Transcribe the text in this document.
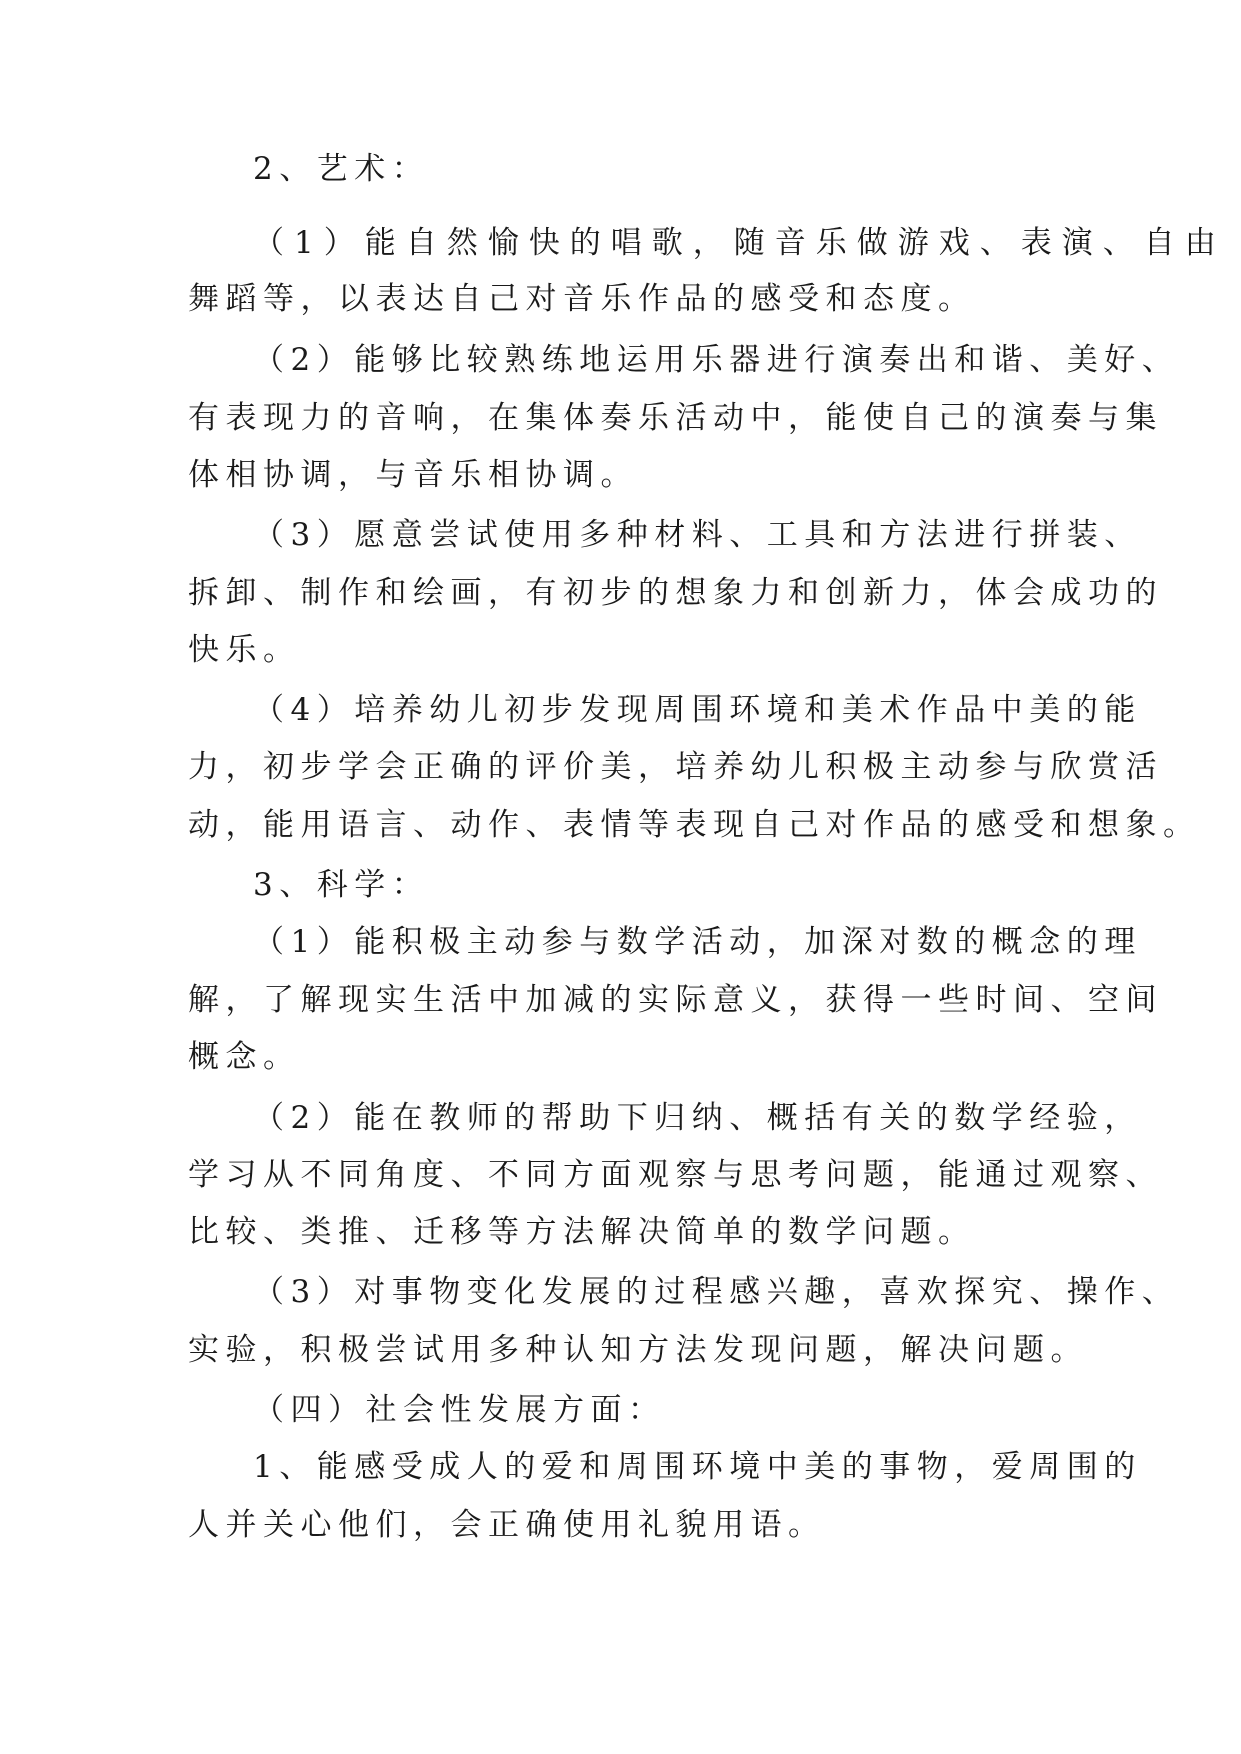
2、艺术：
（1）能自然愉快的唱歌，随音乐做游戏、表演、自由
舞蹈等，以表达自己对音乐作品的感受和态度。
（2）能够比较熟练地运用乐器进行演奏出和谐、美好、
有表现力的音响，在集体奏乐活动中，能使自己的演奏与集
体相协调，与音乐相协调。
（3）愿意尝试使用多种材料、工具和方法进行拼装、
拆卸、制作和绘画，有初步的想象力和创新力，体会成功的
快乐。
（4）培养幼儿初步发现周围环境和美术作品中美的能
力，初步学会正确的评价美，培养幼儿积极主动参与欣赏活
动，能用语言、动作、表情等表现自己对作品的感受和想象。
3、科学：
（1）能积极主动参与数学活动，加深对数的概念的理
解，了解现实生活中加减的实际意义，获得一些时间、空间
概念。
（2）能在教师的帮助下归纳、概括有关的数学经验，
学习从不同角度、不同方面观察与思考问题，能通过观察、
比较、类推、迁移等方法解决简单的数学问题。
（3）对事物变化发展的过程感兴趣，喜欢探究、操作、
实验，积极尝试用多种认知方法发现问题，解决问题。
（四）社会性发展方面：
1、能感受成人的爱和周围环境中美的事物，爱周围的
人并关心他们，会正确使用礼貌用语。
